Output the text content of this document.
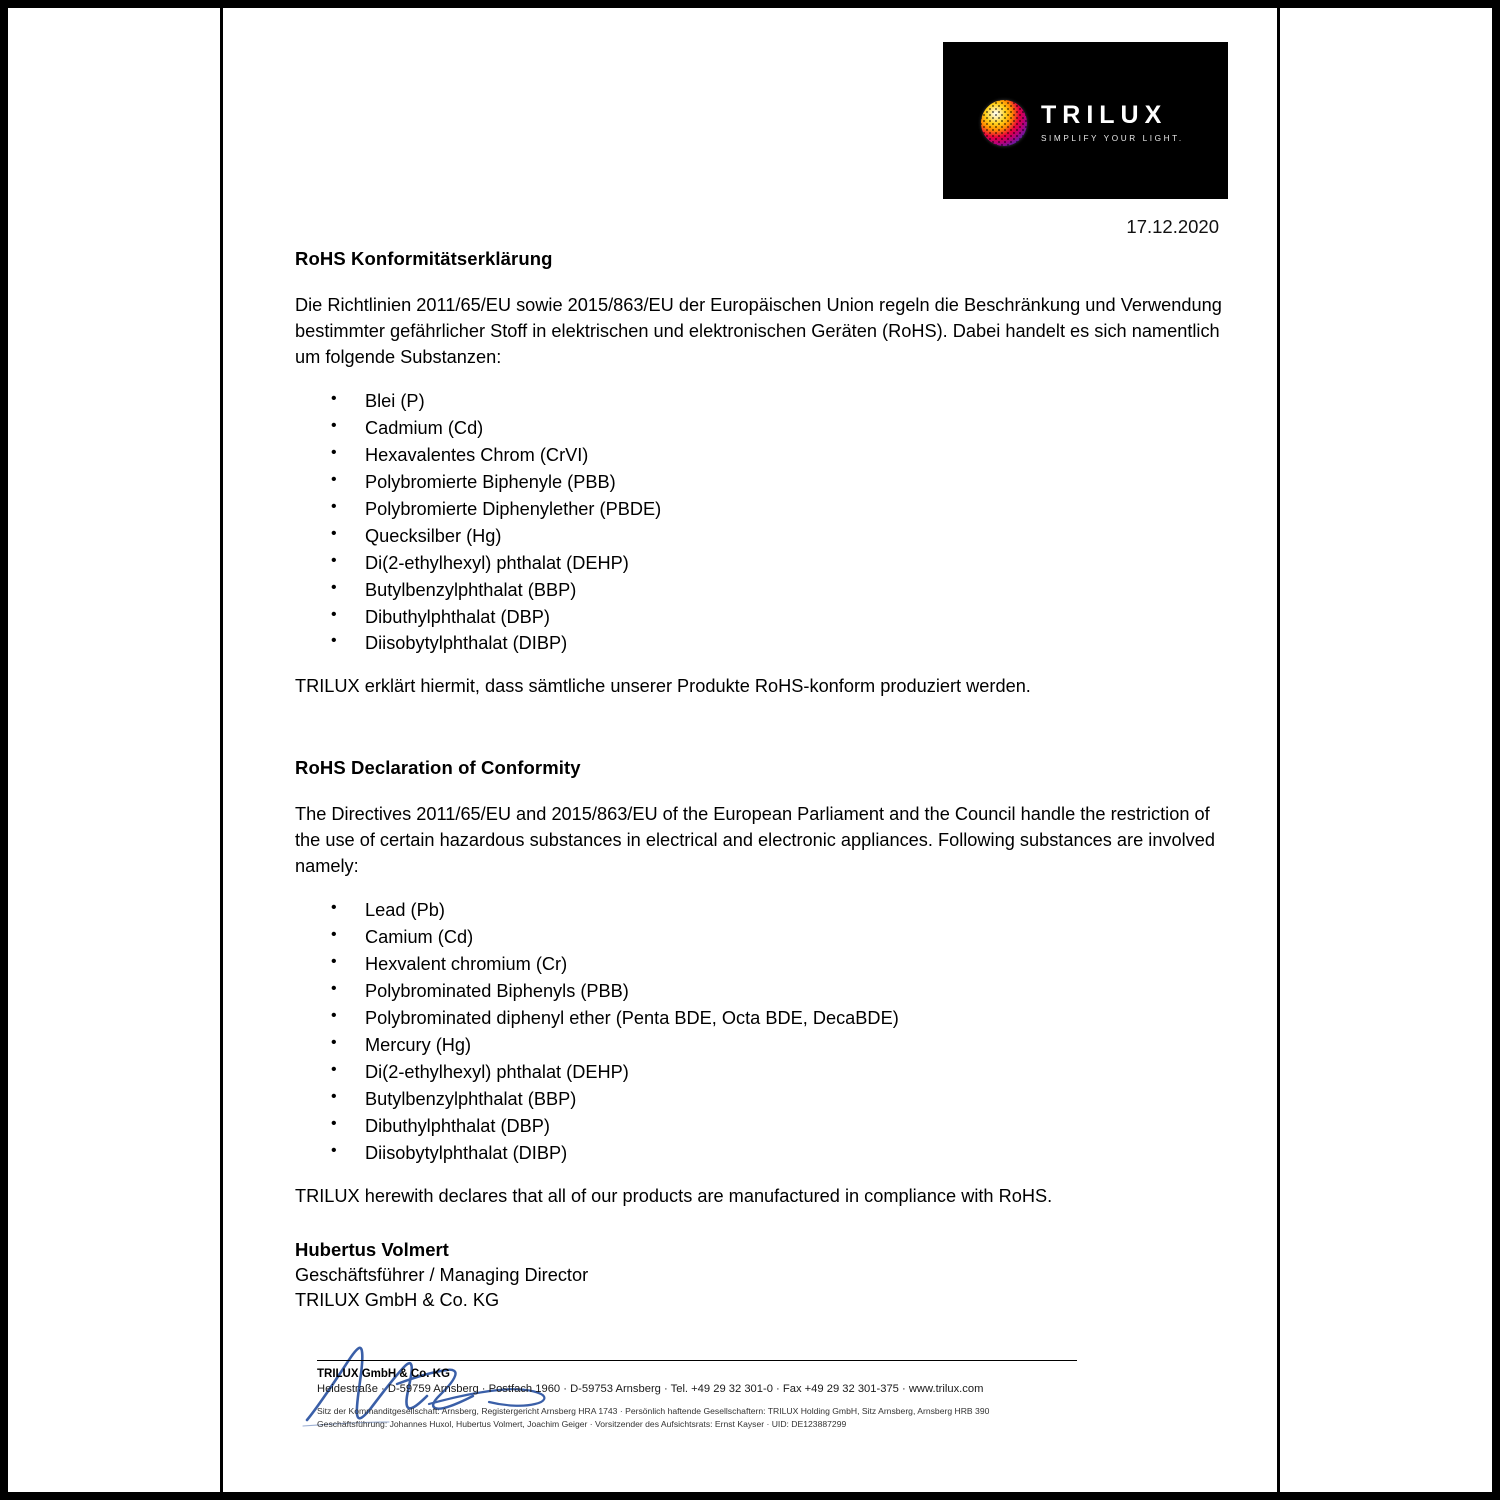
TRILUX
SIMPLIFY YOUR LIGHT.
17.12.2020
RoHS Konformitätserklärung

Die Richtlinien 2011/65/EU sowie 2015/863/EU der Europäischen Union regeln die Beschränkung und Verwendung bestimmter gefährlicher Stoff in elektrischen und elektronischen Geräten (RoHS). Dabei handelt es sich namentlich um folgende Substanzen:

• Blei (P)
• Cadmium (Cd)
• Hexavalentes Chrom (CrVI)
• Polybromierte Biphenyle (PBB)
• Polybromierte Diphenylether (PBDE)
• Quecksilber (Hg)
• Di(2-ethylhexyl) phthalat (DEHP)
• Butylbenzylphthalat (BBP)
• Dibuthylphthalat (DBP)
• Diisobytylphthalat (DIBP)

TRILUX erklärt hiermit, dass sämtliche unserer Produkte RoHS-konform produziert werden.

RoHS Declaration of Conformity

The Directives 2011/65/EU and 2015/863/EU of the European Parliament and the Council handle the restriction of the use of certain hazardous substances in electrical and electronic appliances. Following substances are involved namely:

• Lead (Pb)
• Camium (Cd)
• Hexvalent chromium (Cr)
• Polybrominated Biphenyls (PBB)
• Polybrominated diphenyl ether (Penta BDE, Octa BDE, DecaBDE)
• Mercury (Hg)
• Di(2-ethylhexyl) phthalat (DEHP)
• Butylbenzylphthalat (BBP)
• Dibuthylphthalat (DBP)
• Diisobytylphthalat (DIBP)

TRILUX herewith declares that all of our products are manufactured in compliance with RoHS.

Hubertus Volmert

Geschäftsführer / Managing Director

TRILUX GmbH & Co. KG

TRILUX GmbH & Co. KG

Heidestraße · D-59759 Arnsberg · Postfach 1960 · D-59753 Arnsberg · Tel. +49 29 32 301-0 · Fax +49 29 32 301-375 · www.trilux.com

Sitz der Kommanditgesellschaft: Arnsberg, Registergericht Arnsberg HRA 1743 · Persönlich haftende Gesellschaftern: TRILUX Holding GmbH, Sitz Arnsberg, Arnsberg HRB 390

Geschäftsführung: Johannes Huxol, Hubertus Volmert, Joachim Geiger · Vorsitzender des Aufsichtsrats: Ernst Kayser · UID: DE123887299
